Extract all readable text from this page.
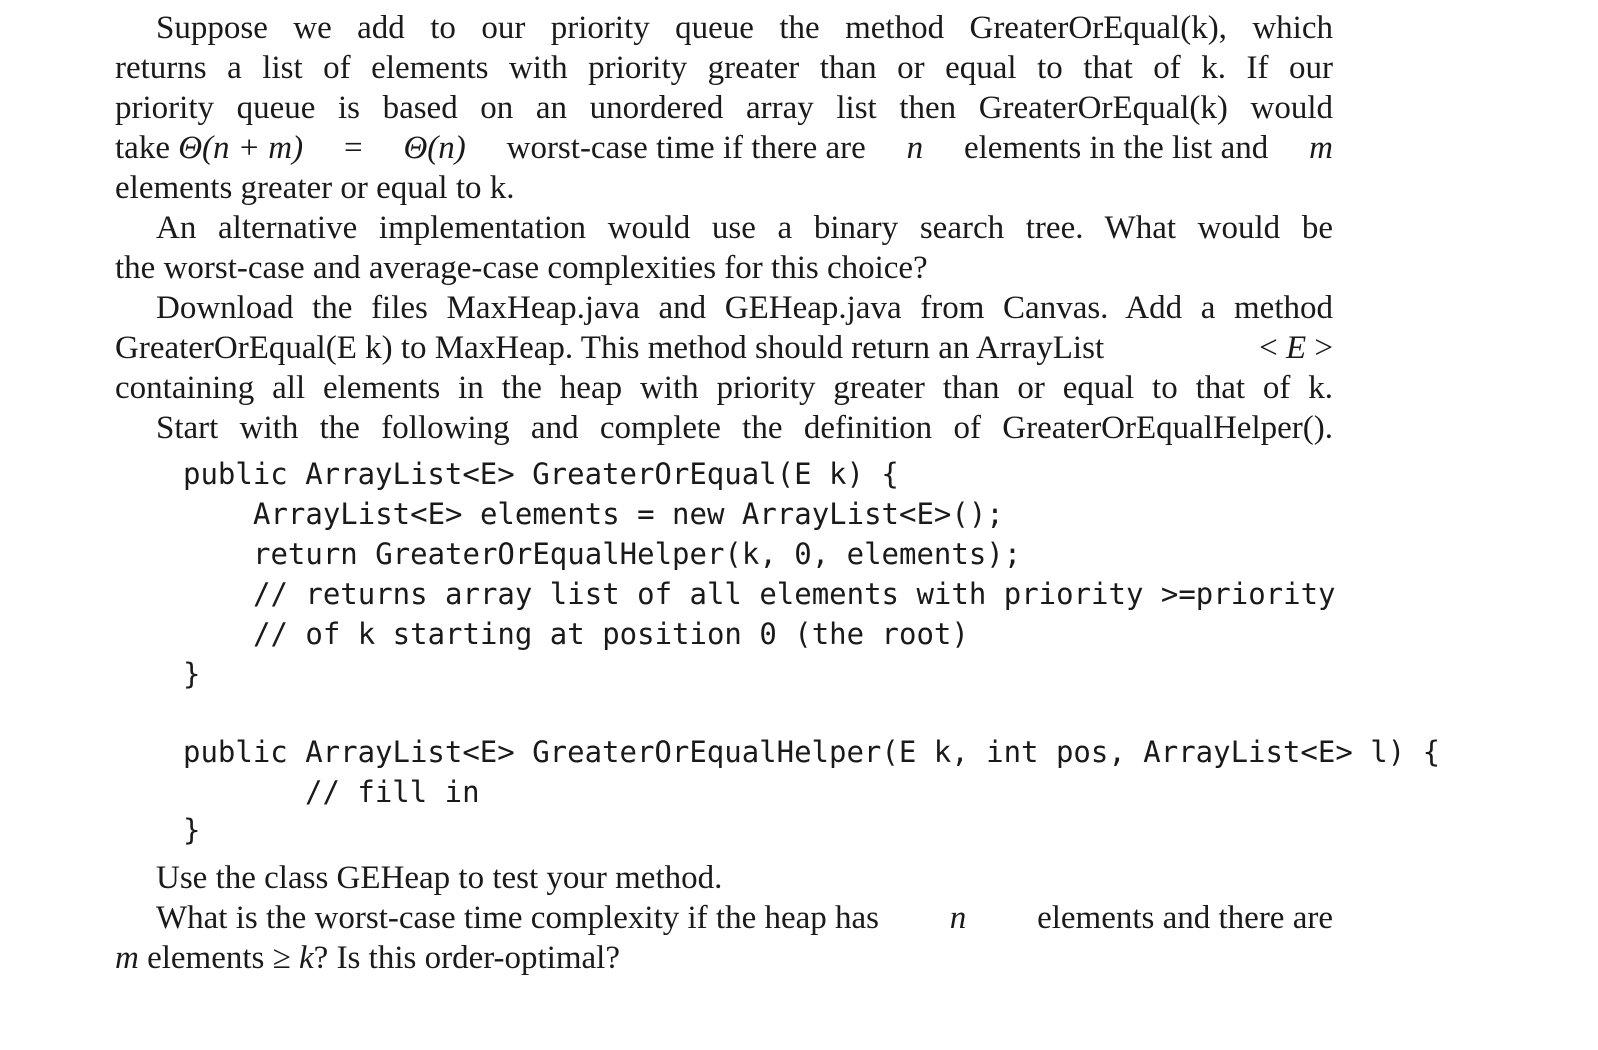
Suppose we add to our priority queue the method GreaterOrEqual(k), which
returns a list of elements with priority greater than or equal to that of k. If our
priority queue is based on an unordered array list then GreaterOrEqual(k) would
take Θ(n + m) = Θ(n) worst-case time if there are n elements in the list and m
elements greater or equal to k.
An alternative implementation would use a binary search tree. What would be
the worst-case and average-case complexities for this choice?
Download the files MaxHeap.java and GEHeap.java from Canvas. Add a method
GreaterOrEqual(E k) to MaxHeap. This method should return an ArrayList	< E >
containing all elements in the heap with priority greater than or equal to that of k.
Start with the following and complete the definition of GreaterOrEqualHelper().
public ArrayList<E> GreaterOrEqual(E k) {
ArrayList<E> elements = new ArrayList<E>();
return GreaterOrEqualHelper(k, 0, elements);
// returns array list of all elements with priority >=priority
// of k starting at position 0 (the root)
}
public ArrayList<E> GreaterOrEqualHelper(E k, int pos, ArrayList<E> l) {
// fill in
}
Use the class GEHeap to test your method.
What is the worst-case time complexity if the heap has n elements and there are
m elements ≥ k? Is this order-optimal?
